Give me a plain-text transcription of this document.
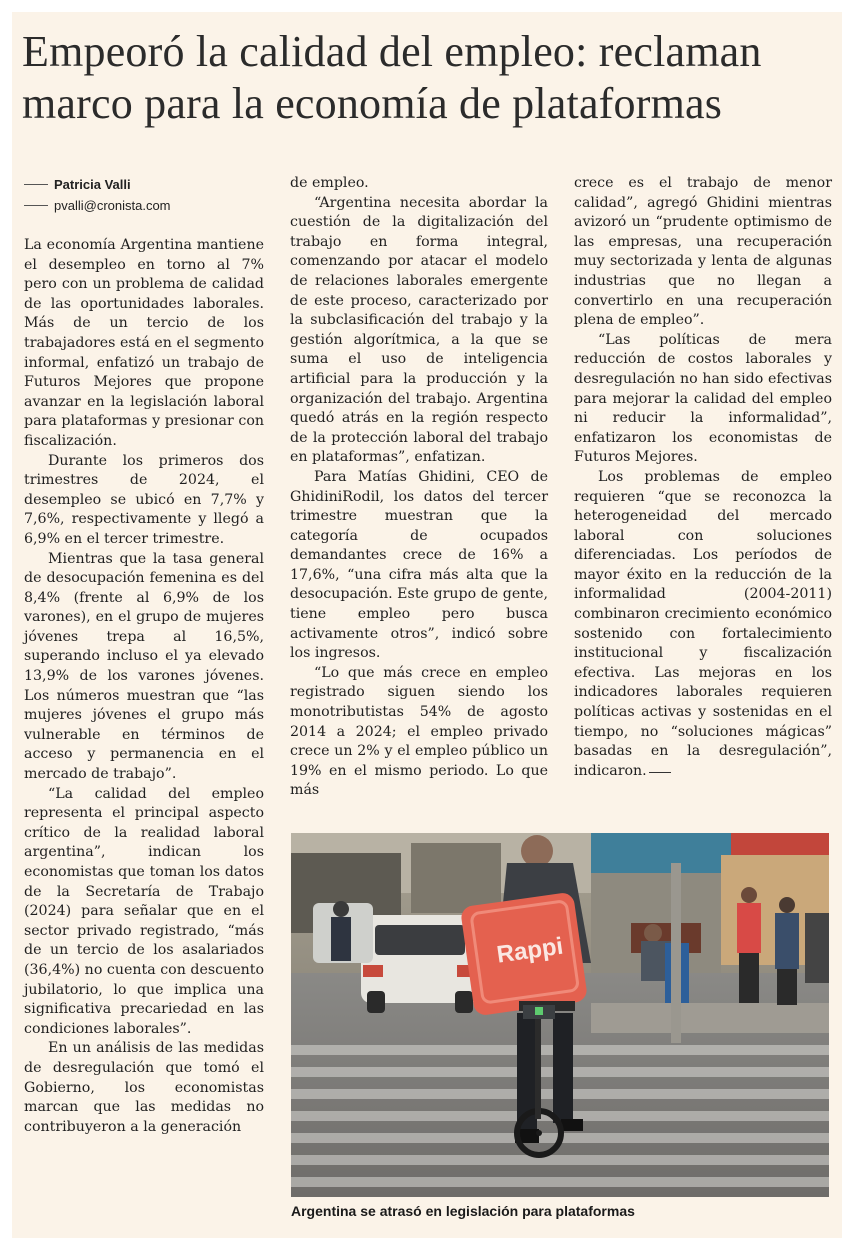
Empeoró la calidad del empleo: reclaman marco para la economía de plataformas
Patricia Valli
pvalli@cronista.com

La economía Argentina mantiene el desempleo en torno al 7% pero con un problema de calidad de las oportunidades laborales. Más de un tercio de los trabajadores está en el segmento informal, enfatizó un trabajo de Futuros Mejores que propone avanzar en la legislación laboral para plataformas y presionar con fiscalización.

Durante los primeros dos trimestres de 2024, el desempleo se ubicó en 7,7% y 7,6%, respectivamente y llegó a 6,9% en el tercer trimestre.

Mientras que la tasa general de desocupación femenina es del 8,4% (frente al 6,9% de los varones), en el grupo de mujeres jóvenes trepa al 16,5%, superando incluso el ya elevado 13,9% de los varones jóvenes. Los números muestran que “las mujeres jóvenes el grupo más vulnerable en términos de acceso y permanencia en el mercado de trabajo”.

“La calidad del empleo representa el principal aspecto crítico de la realidad laboral argentina”, indican los economistas que toman los datos de la Secretaría de Trabajo (2024) para señalar que en el sector privado registrado, “más de un tercio de los asalariados (36,4%) no cuenta con descuento jubilatorio, lo que implica una significativa precariedad en las condiciones laborales”.

En un análisis de las medidas de desregulación que tomó el Gobierno, los economistas marcan que las medidas no contribuyeron a la generación

de empleo.

“Argentina necesita abordar la cuestión de la digitalización del trabajo en forma integral, comenzando por atacar el modelo de relaciones laborales emergente de este proceso, caracterizado por la subclasificación del trabajo y la gestión algorítmica, a la que se suma el uso de inteligencia artificial para la producción y la organización del trabajo. Argentina quedó atrás en la región respecto de la protección laboral del trabajo en plataformas”, enfatizan.

Para Matías Ghidini, CEO de GhidiniRodil, los datos del tercer trimestre muestran que la categoría de ocupados demandantes crece de 16% a 17,6%, “una cifra más alta que la desocupación. Este grupo de gente, tiene empleo pero busca activamente otros”, indicó sobre los ingresos.

“Lo que más crece en empleo registrado siguen siendo los monotributistas 54% de agosto 2014 a 2024; el empleo privado crece un 2% y el empleo público un 19% en el mismo periodo. Lo que más

crece es el trabajo de menor calidad”, agregó Ghidini mientras avizoró un “prudente optimismo de las empresas, una recuperación muy sectorizada y lenta de algunas industrias que no llegan a convertirlo en una recuperación plena de empleo”.

“Las políticas de mera reducción de costos laborales y desregulación no han sido efectivas para mejorar la calidad del empleo ni reducir la informalidad”, enfatizaron los economistas de Futuros Mejores.

Los problemas de empleo requieren “que se reconozca la heterogeneidad del mercado laboral con soluciones diferenciadas. Los períodos de mayor éxito en la reducción de la informalidad (2004-2011) combinaron crecimiento económico sostenido con fortalecimiento institucional y fiscalización efectiva. Las mejoras en los indicadores laborales requieren políticas activas y sostenidas en el tiempo, no “soluciones mágicas” basadas en la desregulación”, indicaron.

Rappi
Argentina se atrasó en legislación para plataformas
